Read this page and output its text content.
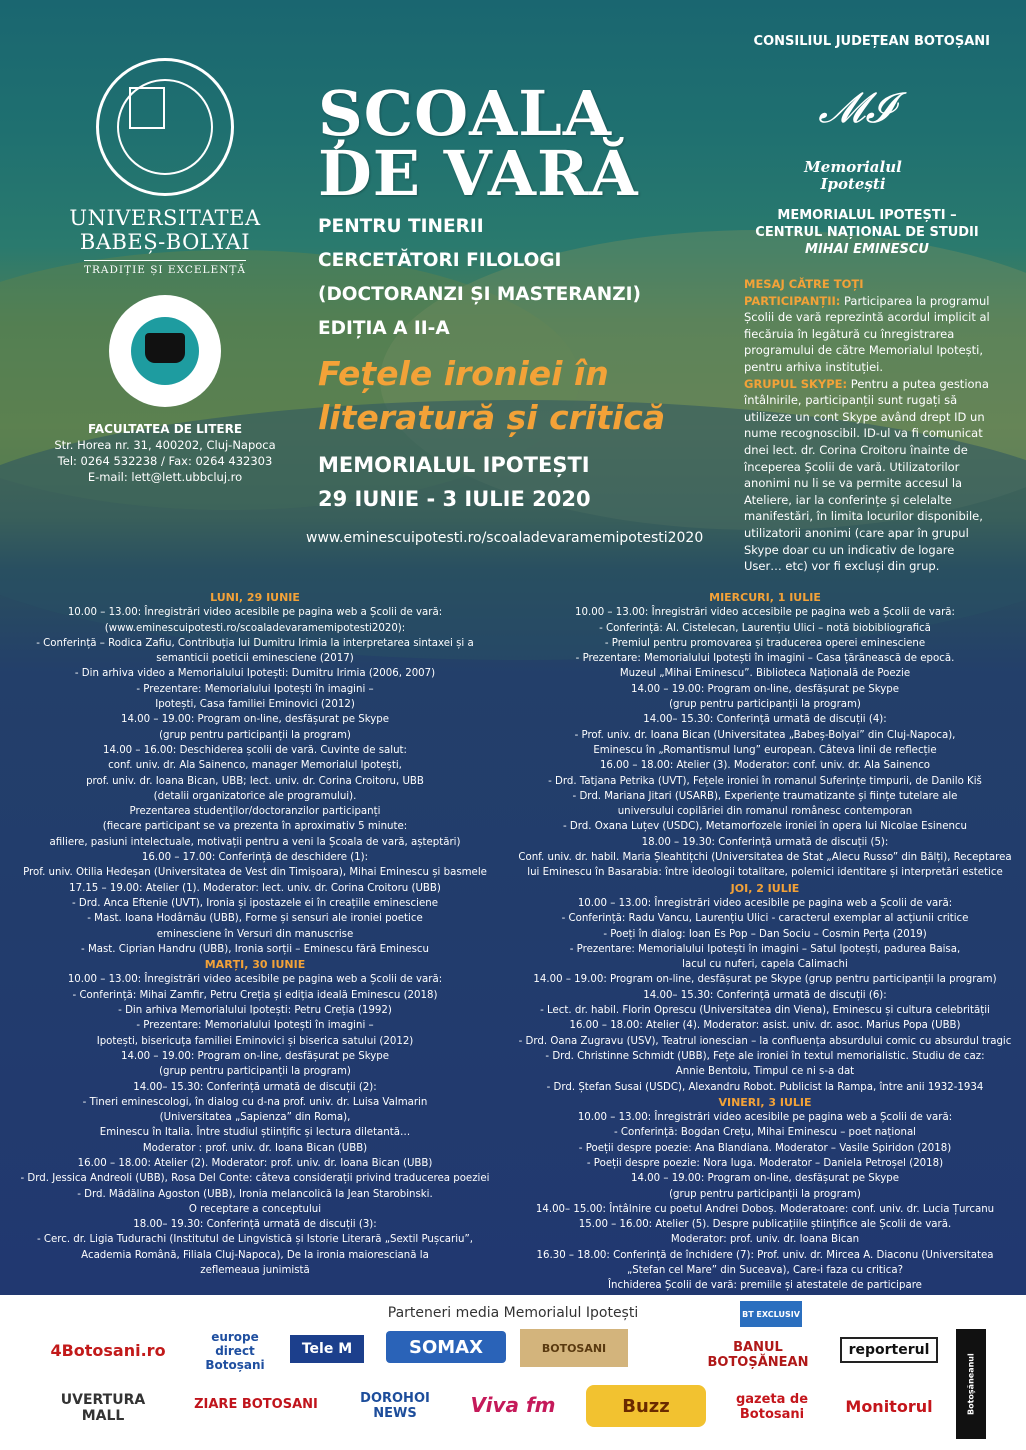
UNIVERSITATEA
BABEȘ-BOLYAI
TRADIȚIE ȘI EXCELENȚĂ
FACULTATEA DE LITERE
Str. Horea nr. 31, 400202, Cluj-Napoca
Tel: 0264 532238 / Fax: 0264 432303
E-mail: lett@lett.ubbcluj.ro
ȘCOALA
DE VARĂ
PENTRU TINERII
CERCETĂTORI FILOLOGI
(DOCTORANZI ȘI MASTERANZI)
EDIȚIA A II-A
Fețele ironiei în
literatură și critică
MEMORIALUL IPOTEȘTI
29 IUNIE - 3 IULIE 2020
www.eminescuipotesti.ro/scoaladevaramemipotesti2020
CONSILIUL JUDEȚEAN BOTOȘANI
𝓜𝓘
Memorialul
Ipotești
MEMORIALUL IPOTEȘTI –
CENTRUL NAȚIONAL DE STUDII
MIHAI EMINESCU
MESAJ CĂTRE TOȚI
PARTICIPANȚII: Participarea la programul Școlii de vară reprezintă acordul implicit al fiecăruia în legătură cu înregistrarea programului de către Memorialul Ipotești, pentru arhiva instituției.
GRUPUL SKYPE: Pentru a putea gestiona întâlnirile, participanții sunt rugați să utilizeze un cont Skype având drept ID un nume recognoscibil. ID-ul va fi comunicat dnei lect. dr. Corina Croitoru înainte de începerea Școlii de vară. Utilizatorilor anonimi nu li se va permite accesul la Ateliere, iar la conferințe și celelalte manifestări, în limita locurilor disponibile, utilizatorii anonimi (care apar în grupul Skype doar cu un indicativ de logare User… etc) vor fi excluși din grup.

LUNI, 29 IUNIE

10.00 – 13.00: Înregistrări video acesibile pe pagina web a Școlii de vară:

(www.eminescuipotesti.ro/scoaladevaramemipotesti2020):

- Conferință – Rodica Zafiu, Contribuția lui Dumitru Irimia la interpretarea sintaxei și a

semanticii poeticii eminesciene (2017)

- Din arhiva video a Memorialului Ipotești: Dumitru Irimia (2006, 2007)

- Prezentare: Memorialului Ipotești în imagini –

Ipotești, Casa familiei Eminovici (2012)

14.00 – 19.00: Program on-line, desfășurat pe Skype

(grup pentru participanții la program)

14.00 – 16.00: Deschiderea școlii de vară. Cuvinte de salut:

conf. univ. dr. Ala Sainenco, manager Memorialul Ipotești,

prof. univ. dr. Ioana Bican, UBB; lect. univ. dr. Corina Croitoru, UBB

(detalii organizatorice ale programului).

Prezentarea studenților/doctoranzilor participanți

(fiecare participant se va prezenta în aproximativ 5 minute:

afiliere, pasiuni intelectuale, motivații pentru a veni la Școala de vară, așteptări)

16.00 – 17.00: Conferință de deschidere (1):

Prof. univ. Otilia Hedeșan (Universitatea de Vest din Timișoara), Mihai Eminescu și basmele

17.15 – 19.00: Atelier (1). Moderator: lect. univ. dr. Corina Croitoru (UBB)

- Drd. Anca Eftenie (UVT), Ironia și ipostazele ei în creațiile eminesciene

- Mast. Ioana Hodârnău (UBB), Forme și sensuri ale ironiei poetice

eminesciene în Versuri din manuscrise

- Mast. Ciprian Handru (UBB), Ironia sorții – Eminescu fără Eminescu

MARȚI, 30 IUNIE

10.00 – 13.00: Înregistrări video acesibile pe pagina web a Școlii de vară:

- Conferință: Mihai Zamfir, Petru Creția și ediția ideală Eminescu (2018)

- Din arhiva Memorialului Ipotești: Petru Creția (1992)

- Prezentare: Memorialului Ipotești în imagini –

Ipotești, bisericuța familiei Eminovici și biserica satului (2012)

14.00 – 19.00: Program on-line, desfășurat pe Skype

(grup pentru participanții la program)

14.00– 15.30: Conferință urmată de discuții (2):

- Tineri eminescologi, în dialog cu d-na prof. univ. dr. Luisa Valmarin

(Universitatea „Sapienza” din Roma),

Eminescu în Italia. Între studiul științific și lectura diletantă…

Moderator : prof. univ. dr. Ioana Bican (UBB)

16.00 – 18.00: Atelier (2). Moderator: prof. univ. dr. Ioana Bican (UBB)

- Drd. Jessica Andreoli (UBB), Rosa Del Conte: câteva considerații privind traducerea poeziei

- Drd. Mădălina Agoston (UBB), Ironia melancolică la Jean Starobinski.

O receptare a conceptului

18.00– 19.30: Conferință urmată de discuții (3):

- Cerc. dr. Ligia Tudurachi (Institutul de Lingvistică și Istorie Literară „Sextil Pușcariu”,

Academia Română, Filiala Cluj-Napoca), De la ironia maioresciană la

zeflemeaua junimistă

MIERCURI, 1 IULIE

10.00 – 13.00: Înregistrări video accesibile pe pagina web a Școlii de vară:

- Conferință: Al. Cistelecan, Laurențiu Ulici – notă biobibliografică

- Premiul pentru promovarea și traducerea operei eminesciene

- Prezentare: Memorialului Ipotești în imagini – Casa țărănească de epocă.

Muzeul „Mihai Eminescu”. Biblioteca Națională de Poezie

14.00 – 19.00: Program on-line, desfășurat pe Skype

(grup pentru participanții la program)

14.00– 15.30: Conferință urmată de discuții (4):

- Prof. univ. dr. Ioana Bican (Universitatea „Babeș-Bolyai” din Cluj-Napoca),

Eminescu în „Romantismul lung” european. Câteva linii de reflecție

16.00 – 18.00: Atelier (3). Moderator: conf. univ. dr. Ala Sainenco

- Drd. Tatjana Petrika (UVT), Fețele ironiei în romanul Suferințe timpurii, de Danilo Kiš

- Drd. Mariana Jitari (USARB), Experiențe traumatizante și ființe tutelare ale

universului copilăriei din romanul românesc contemporan

- Drd. Oxana Luțev (USDC), Metamorfozele ironiei în opera lui Nicolae Esinencu

18.00 – 19.30: Conferință urmată de discuții (5):

Conf. univ. dr. habil. Maria Șleahtițchi (Universitatea de Stat „Alecu Russo” din Bălți), Receptarea

lui Eminescu în Basarabia: între ideologii totalitare, polemici identitare și interpretări estetice

JOI, 2 IULIE

10.00 – 13.00: Înregistrări video acesibile pe pagina web a Școlii de vară:

- Conferință: Radu Vancu, Laurențiu Ulici - caracterul exemplar al acțiunii critice

- Poeți în dialog: Ioan Es Pop – Dan Sociu – Cosmin Perța (2019)

- Prezentare: Memorialului Ipotești în imagini – Satul Ipotești, padurea Baisa,

lacul cu nuferi, capela Calimachi

14.00 – 19.00: Program on-line, desfășurat pe Skype (grup pentru participanții la program)

14.00– 15.30: Conferință urmată de discuții (6):

- Lect. dr. habil. Florin Oprescu (Universitatea din Viena), Eminescu și cultura celebrității

16.00 – 18.00: Atelier (4). Moderator: asist. univ. dr. asoc. Marius Popa (UBB)

- Drd. Oana Zugravu (USV), Teatrul ionescian – la confluența absurdului comic cu absurdul tragic

- Drd. Christinne Schmidt (UBB), Fețe ale ironiei în textul memorialistic. Studiu de caz:

Annie Bentoiu, Timpul ce ni s-a dat

- Drd. Ștefan Susai (USDC), Alexandru Robot. Publicist la Rampa, între anii 1932-1934

VINERI, 3 IULIE

10.00 – 13.00: Înregistrări video acesibile pe pagina web a Școlii de vară:

- Conferință: Bogdan Crețu, Mihai Eminescu – poet național

- Poeții despre poezie: Ana Blandiana. Moderator – Vasile Spiridon (2018)

- Poeții despre poezie: Nora Iuga. Moderator – Daniela Petroșel (2018)

14.00 – 19.00: Program on-line, desfășurat pe Skype

(grup pentru participanții la program)

14.00– 15.00: Întâlnire cu poetul Andrei Doboș. Moderatoare: conf. univ. dr. Lucia Țurcanu

15.00 – 16.00: Atelier (5). Despre publicațiile științifice ale Școlii de vară.

Moderator: prof. univ. dr. Ioana Bican

16.30 – 18.00: Conferință de închidere (7): Prof. univ. dr. Mircea A. Diaconu (Universitatea

„Stefan cel Mare” din Suceava), Care-i faza cu critica?

Închiderea Școlii de vară: premiile și atestatele de participare

Parteneri media Memorialul Ipotești
4Botosani.ro
europe direct Botoșani
Tele M	SOMAX	BOTOSANI
BT EXCLUSIV
BANUL BOTOȘĂNEAN
reporterul
Botoșăneanul
UVERTURA MALL
ZIARE BOTOSANI	DOROHOI NEWS	Viva fm	Buzz	gazeta de Botosani	Monitorul
